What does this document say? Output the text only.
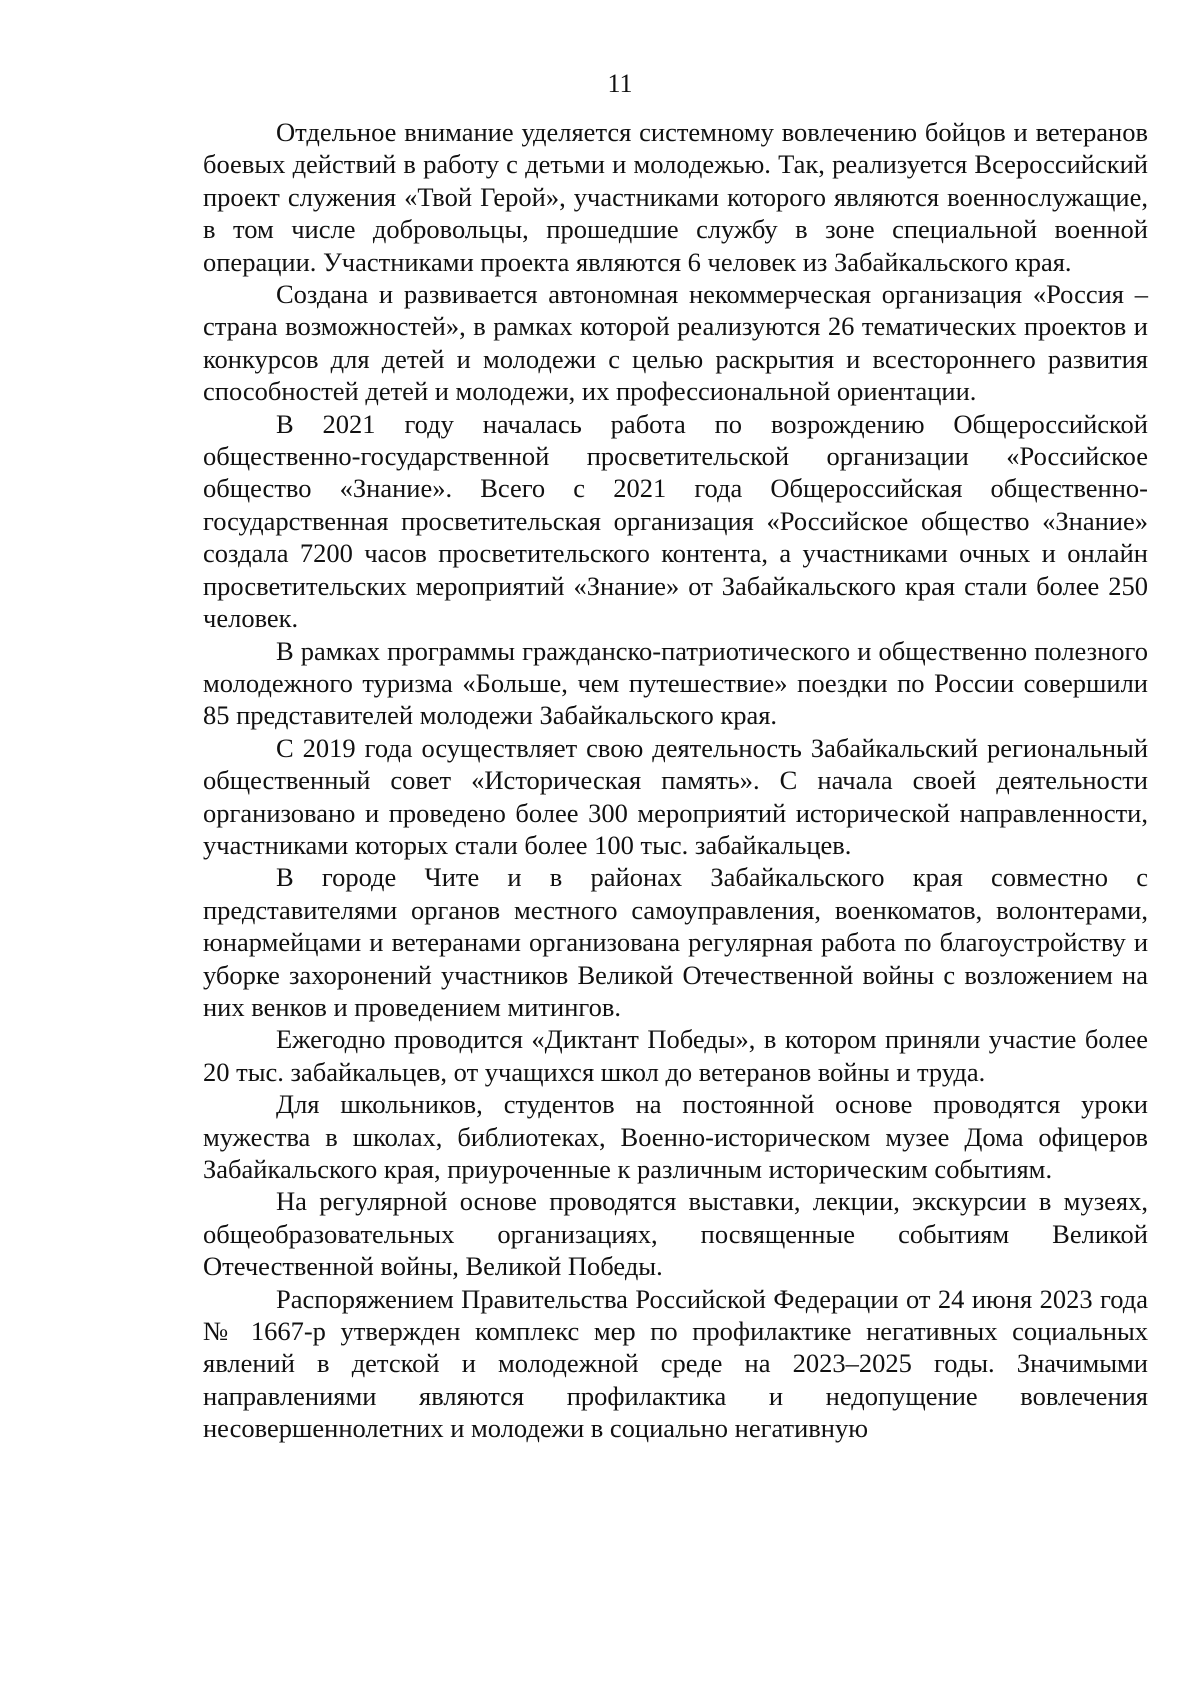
11

Отдельное внимание уделяется системному вовлечению бойцов и ветеранов боевых действий в работу с детьми и молодежью. Так, реализуется Всероссийский проект служения «Твой Герой», участниками которого являются военнослужащие, в том числе добровольцы, прошедшие службу в зоне специальной военной операции. Участниками проекта являются 6 человек из Забайкальского края.

Создана и развивается автономная некоммерческая организация «Россия – страна возможностей», в рамках которой реализуются 26 тематических проектов и конкурсов для детей и молодежи с целью раскрытия и всестороннего развития способностей детей и молодежи, их профессиональной ориентации.

В 2021 году началась работа по возрождению Общероссийской общественно-государственной просветительской организации «Российское общество «Знание». Всего с 2021 года Общероссийская общественно-государственная просветительская организация «Российское общество «Знание» создала 7200 часов просветительского контента, а участниками очных и онлайн просветительских мероприятий «Знание» от Забайкальского края стали более 250 человек.

В рамках программы гражданско-патриотического и общественно полезного молодежного туризма «Больше, чем путешествие» поездки по России совершили 85 представителей молодежи Забайкальского края.

С 2019 года осуществляет свою деятельность Забайкальский региональный общественный совет «Историческая память». С начала своей деятельности организовано и проведено более 300 мероприятий исторической направленности, участниками которых стали более 100 тыс. забайкальцев.

В городе Чите и в районах Забайкальского края совместно с представителями органов местного самоуправления, военкоматов, волонтерами, юнармейцами и ветеранами организована регулярная работа по благоустройству и уборке захоронений участников Великой Отечественной войны с возложением на них венков и проведением митингов.

Ежегодно проводится «Диктант Победы», в котором приняли участие более 20 тыс. забайкальцев, от учащихся школ до ветеранов войны и труда.

Для школьников, студентов на постоянной основе проводятся уроки мужества в школах, библиотеках, Военно-историческом музее Дома офицеров Забайкальского края, приуроченные к различным историческим событиям.

На регулярной основе проводятся выставки, лекции, экскурсии в музеях, общеобразовательных организациях, посвященные событиям Великой Отечественной войны, Великой Победы.

Распоряжением Правительства Российской Федерации от 24 июня 2023 года № 1667-р утвержден комплекс мер по профилактике негативных социальных явлений в детской и молодежной среде на 2023–2025 годы. Значимыми направлениями являются профилактика и недопущение вовлечения несовершеннолетних и молодежи в социально негативную
